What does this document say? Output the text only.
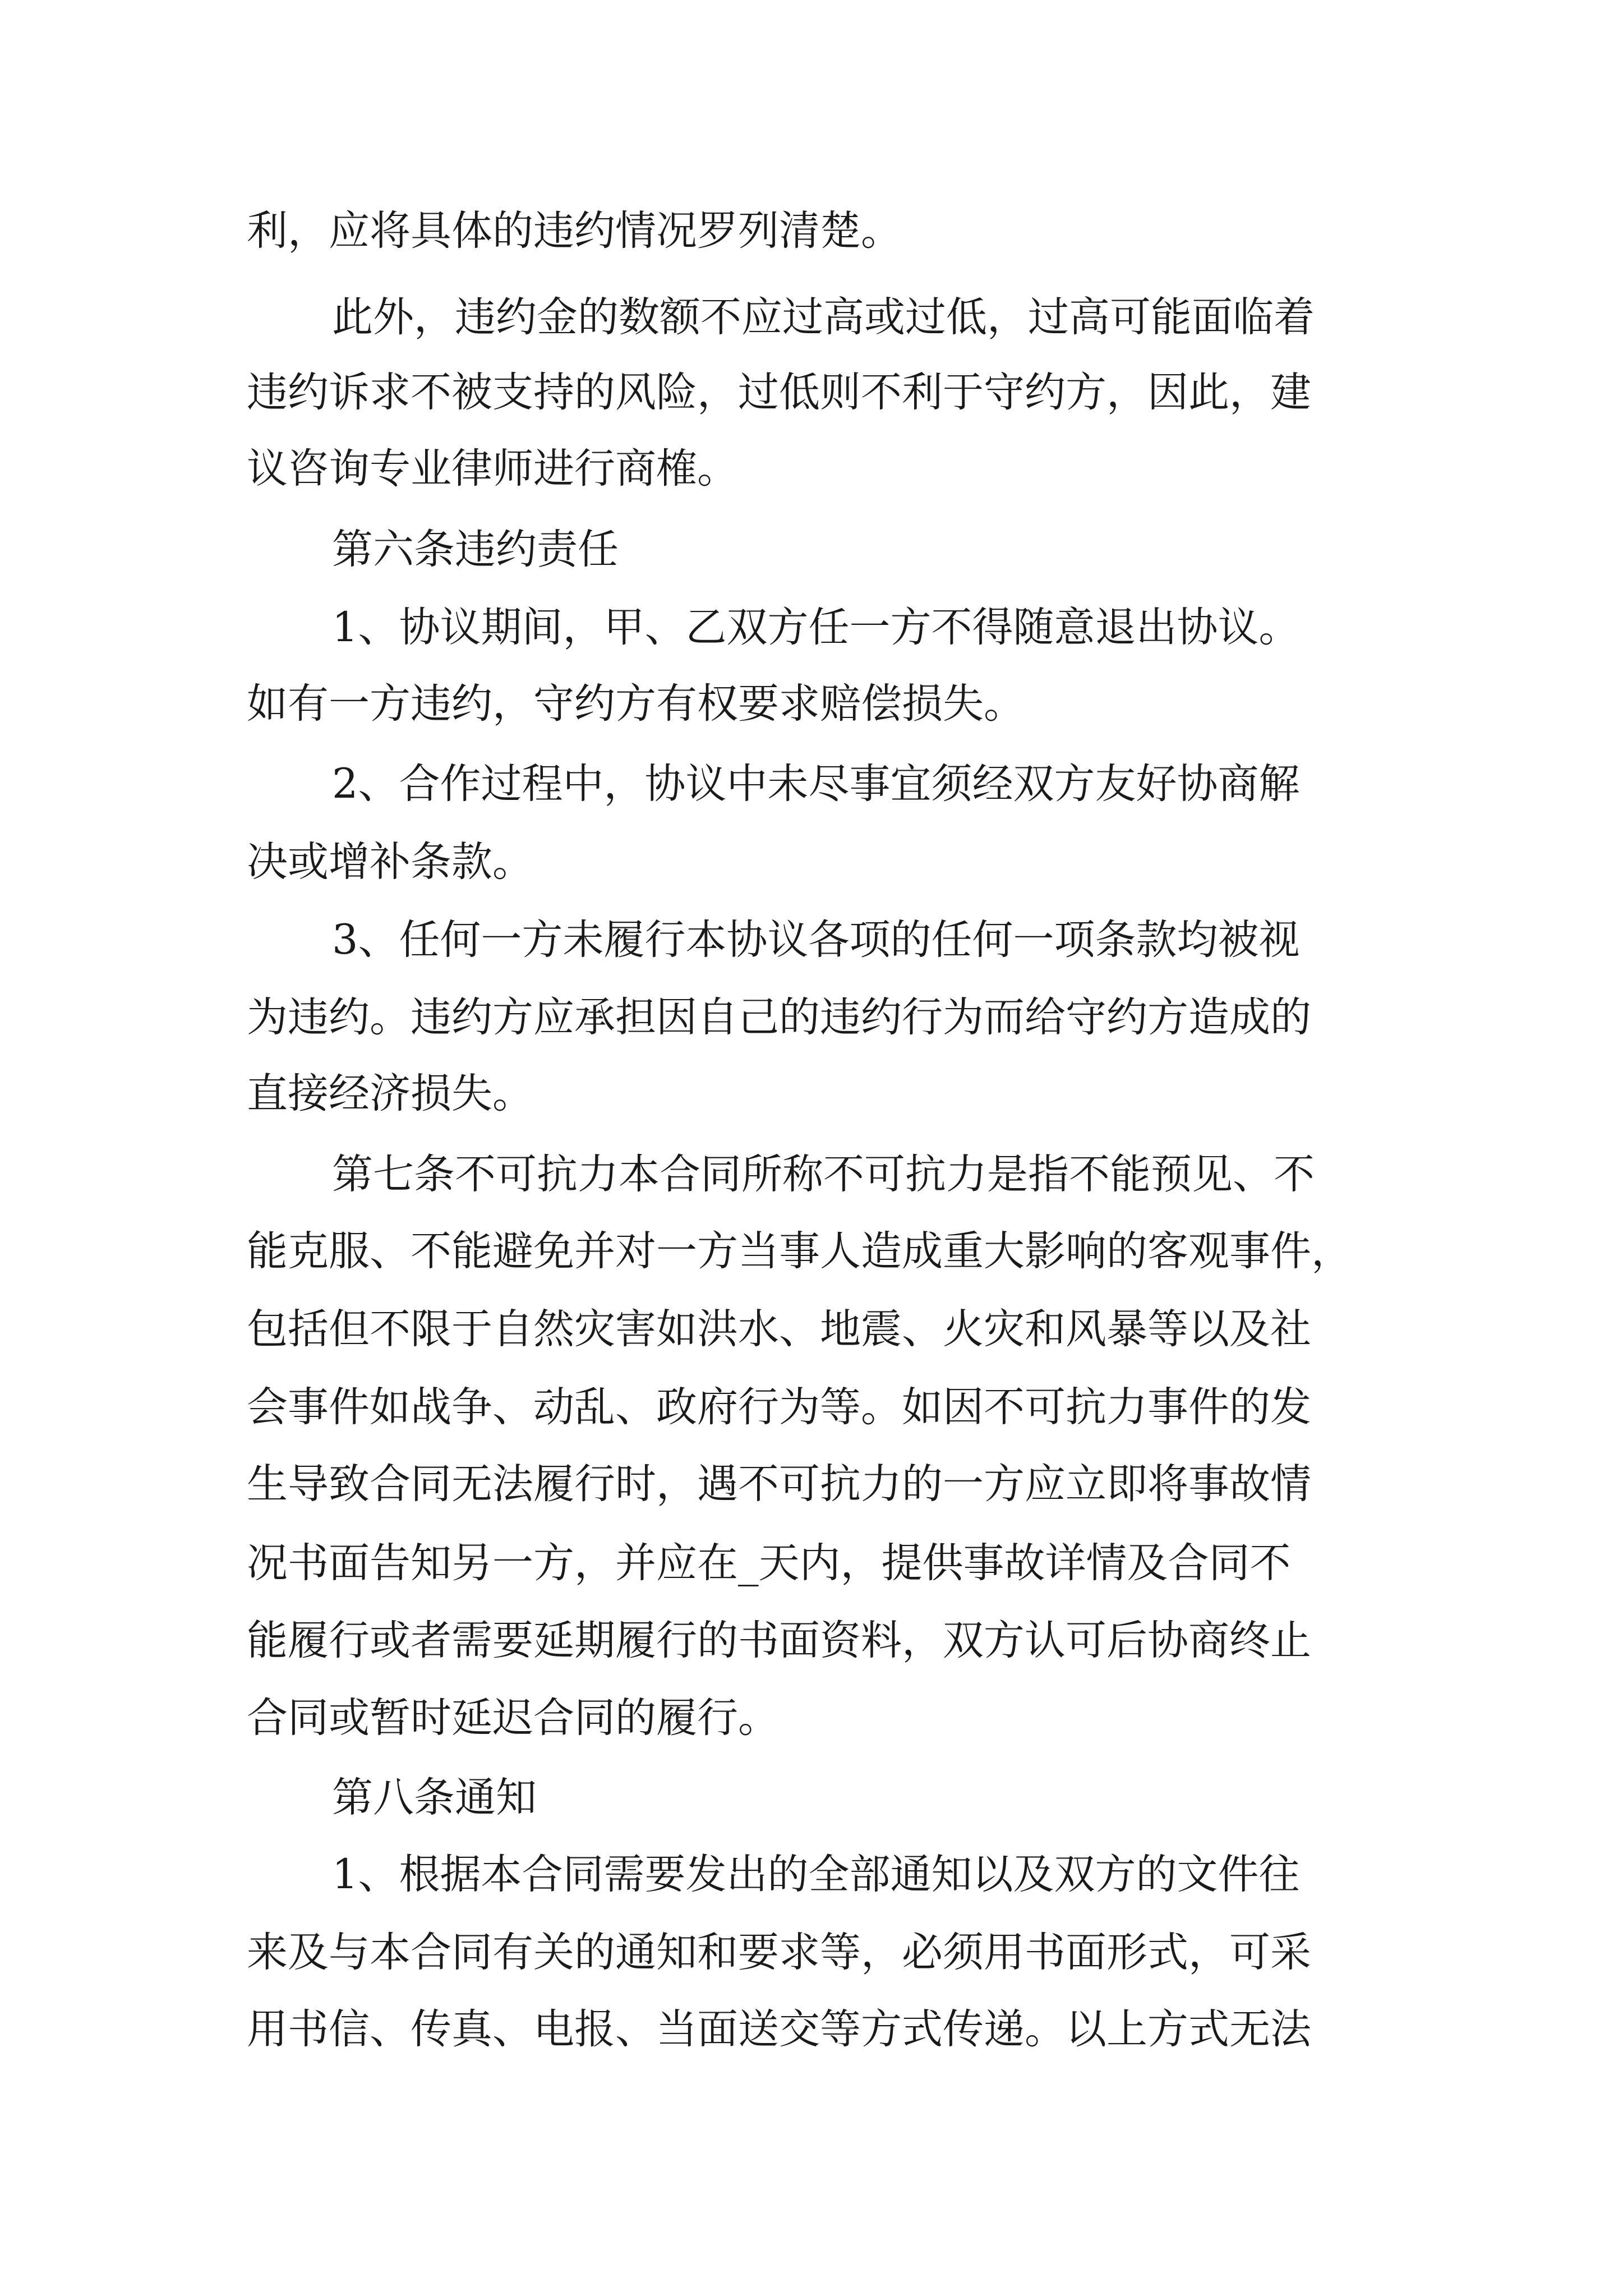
利，应将具体的违约情况罗列清楚。
此外，违约金的数额不应过高或过低，过高可能面临着
违约诉求不被支持的风险，过低则不利于守约方，因此，建
议咨询专业律师进行商榷。
第六条违约责任
1、协议期间，甲、乙双方任一方不得随意退出协议。
如有一方违约，守约方有权要求赔偿损失。
2、合作过程中，协议中未尽事宜须经双方友好协商解
决或增补条款。
3、任何一方未履行本协议各项的任何一项条款均被视
为违约。违约方应承担因自己的违约行为而给守约方造成的
直接经济损失。
第七条不可抗力本合同所称不可抗力是指不能预见、不
能克服、不能避免并对一方当事人造成重大影响的客观事件，
包括但不限于自然灾害如洪水、地震、火灾和风暴等以及社
会事件如战争、动乱、政府行为等。如因不可抗力事件的发
生导致合同无法履行时，遇不可抗力的一方应立即将事故情
况书面告知另一方，并应在_天内，提供事故详情及合同不
能履行或者需要延期履行的书面资料，双方认可后协商终止
合同或暂时延迟合同的履行。
第八条通知
1、根据本合同需要发出的全部通知以及双方的文件往
来及与本合同有关的通知和要求等，必须用书面形式，可采
用书信、传真、电报、当面送交等方式传递。以上方式无法
